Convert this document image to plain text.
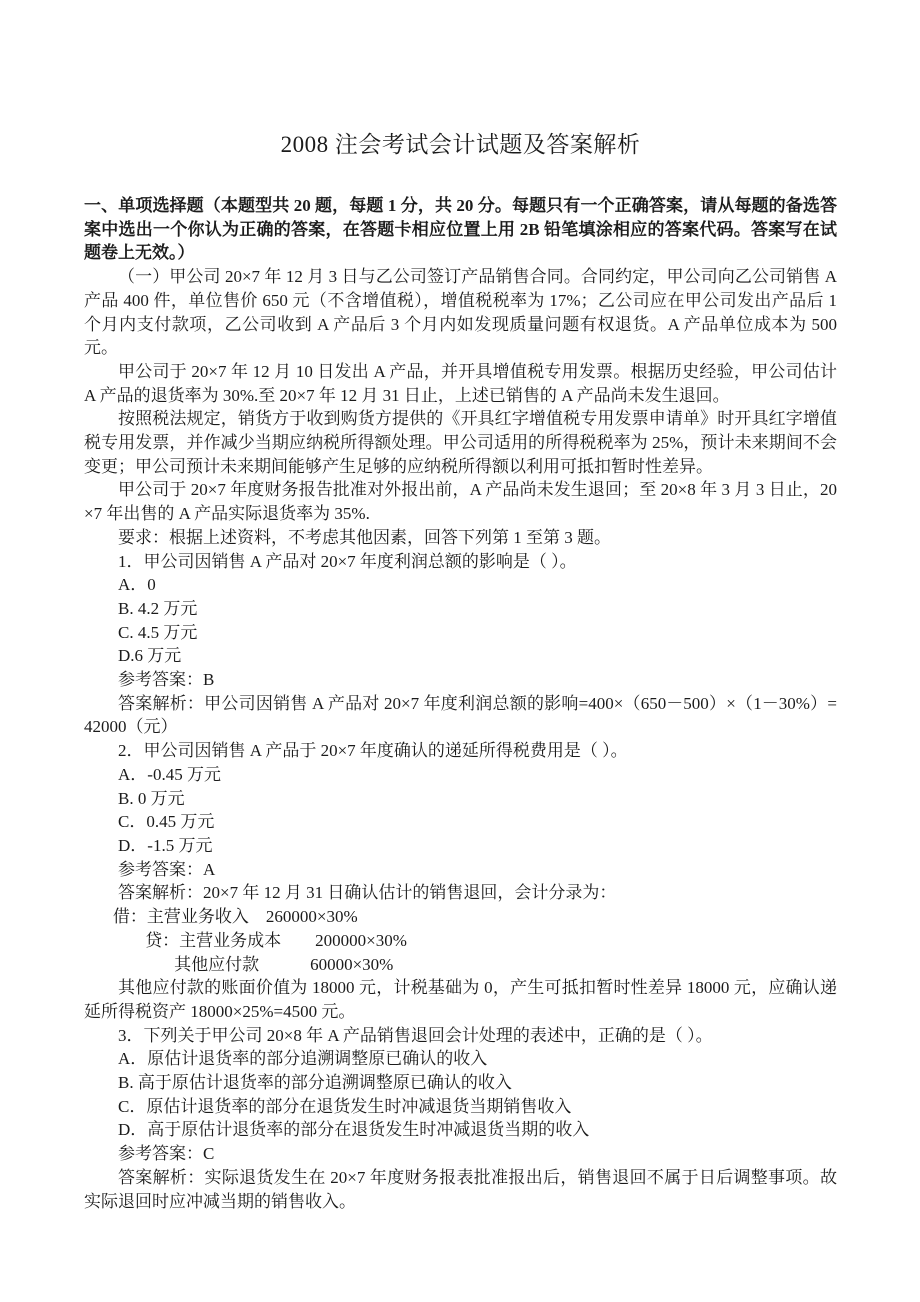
2008 注会考试会计试题及答案解析

一、单项选择题（本题型共 20 题，每题 1 分，共 20 分。每题只有一个正确答案，请从每题的备选答案中选出一个你认为正确的答案，在答题卡相应位置上用 2B 铅笔填涂相应的答案代码。答案写在试题卷上无效。）

（一）甲公司 20×7 年 12 月 3 日与乙公司签订产品销售合同。合同约定，甲公司向乙公司销售 A 产品 400 件，单位售价 650 元（不含增值税），增值税税率为 17%；乙公司应在甲公司发出产品后 1 个月内支付款项，乙公司收到 A 产品后 3 个月内如发现质量问题有权退货。A 产品单位成本为 500 元。

甲公司于 20×7 年 12 月 10 日发出 A 产品，并开具增值税专用发票。根据历史经验，甲公司估计 A 产品的退货率为 30%.至 20×7 年 12 月 31 日止，上述已销售的 A 产品尚未发生退回。

按照税法规定，销货方于收到购货方提供的《开具红字增值税专用发票申请单》时开具红字增值税专用发票，并作减少当期应纳税所得额处理。甲公司适用的所得税税率为 25%，预计未来期间不会变更；甲公司预计未来期间能够产生足够的应纳税所得额以利用可抵扣暂时性差异。

甲公司于 20×7 年度财务报告批准对外报出前，A 产品尚未发生退回；至 20×8 年 3 月 3 日止，20×7 年出售的 A 产品实际退货率为 35%.

要求：根据上述资料，不考虑其他因素，回答下列第 1 至第 3 题。

1．甲公司因销售 A 产品对 20×7 年度利润总额的影响是（ ）。

A．0

B. 4.2 万元

C. 4.5 万元

D.6 万元

参考答案：B

答案解析：甲公司因销售 A 产品对 20×7 年度利润总额的影响=400×（650－500）×（1－30%）=42000（元）

2．甲公司因销售 A 产品于 20×7 年度确认的递延所得税费用是（ ）。

A．-0.45 万元

B. 0 万元

C．0.45 万元

D．-1.5 万元

参考答案：A

答案解析：20×7 年 12 月 31 日确认估计的销售退回，会计分录为：

借：主营业务收入　260000×30%

贷：主营业务成本　　200000×30%

其他应付款　　　60000×30%

其他应付款的账面价值为 18000 元，计税基础为 0，产生可抵扣暂时性差异 18000 元，应确认递延所得税资产 18000×25%=4500 元。

3．下列关于甲公司 20×8 年 A 产品销售退回会计处理的表述中，正确的是（ ）。

A．原估计退货率的部分追溯调整原已确认的收入

B. 高于原估计退货率的部分追溯调整原已确认的收入

C．原估计退货率的部分在退货发生时冲减退货当期销售收入

D．高于原估计退货率的部分在退货发生时冲减退货当期的收入

参考答案：C

答案解析：实际退货发生在 20×7 年度财务报表批准报出后，销售退回不属于日后调整事项。故实际退回时应冲减当期的销售收入。
